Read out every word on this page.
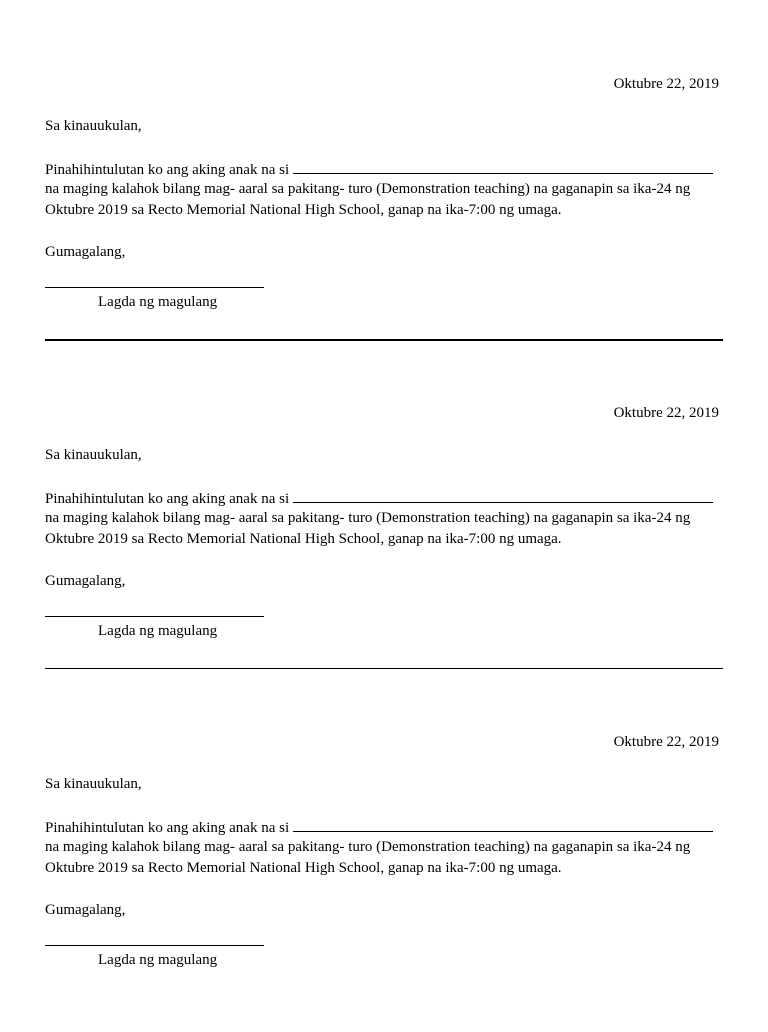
Oktubre 22, 2019
Sa kinauukulan,
Pinahihintulutan ko ang aking anak na si
na maging kalahok bilang mag- aaral sa pakitang- turo (Demonstration teaching) na gaganapin sa ika-24 ng
Oktubre 2019 sa Recto Memorial National High School, ganap na ika-7:00 ng umaga.
Gumagalang,
Lagda ng magulang
Oktubre 22, 2019
Sa kinauukulan,
Pinahihintulutan ko ang aking anak na si
na maging kalahok bilang mag- aaral sa pakitang- turo (Demonstration teaching) na gaganapin sa ika-24 ng
Oktubre 2019 sa Recto Memorial National High School, ganap na ika-7:00 ng umaga.
Gumagalang,
Lagda ng magulang
Oktubre 22, 2019
Sa kinauukulan,
Pinahihintulutan ko ang aking anak na si
na maging kalahok bilang mag- aaral sa pakitang- turo (Demonstration teaching) na gaganapin sa ika-24 ng
Oktubre 2019 sa Recto Memorial National High School, ganap na ika-7:00 ng umaga.
Gumagalang,
Lagda ng magulang
